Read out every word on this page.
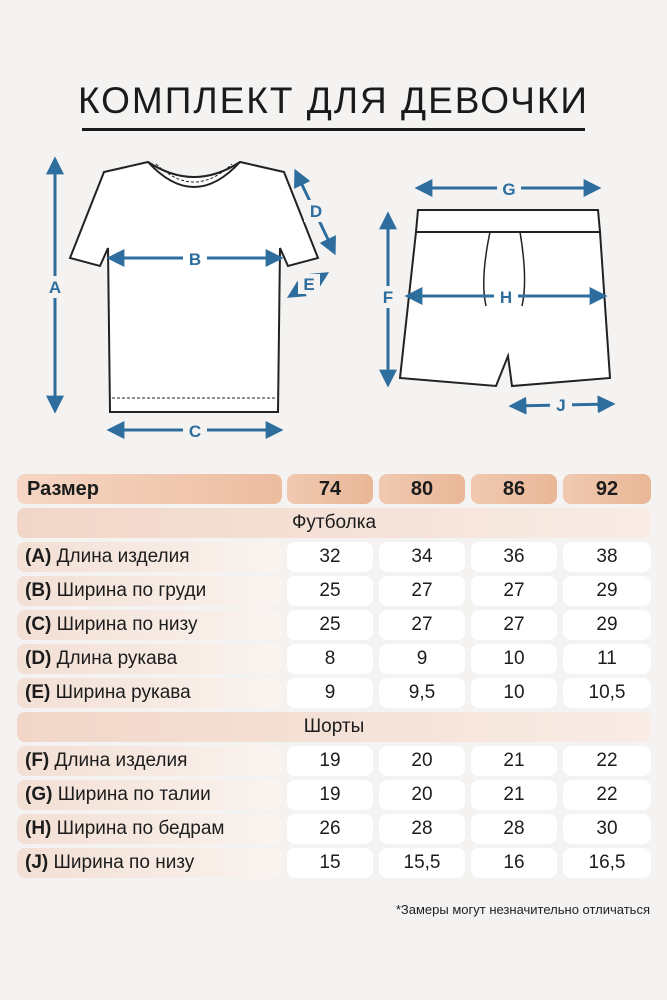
КОМПЛЕКТ ДЛЯ ДЕВОЧКИ
A
B
C
D
E
F
G
H
J
Размер	74	80	86	92
Футболка
(A) Длина изделия	32	34	36	38
(B) Ширина по груди	25	27	27	29
(C) Ширина по низу	25	27	27	29
(D) Длина рукава	8	9	10	11
(E) Ширина рукава	9	9,5	10	10,5
Шорты
(F) Длина изделия	19	20	21	22
(G) Ширина по талии	19	20	21	22
(H) Ширина по бедрам	26	28	28	30
(J) Ширина по низу	15	15,5	16	16,5
*Замеры могут незначительно отличаться
